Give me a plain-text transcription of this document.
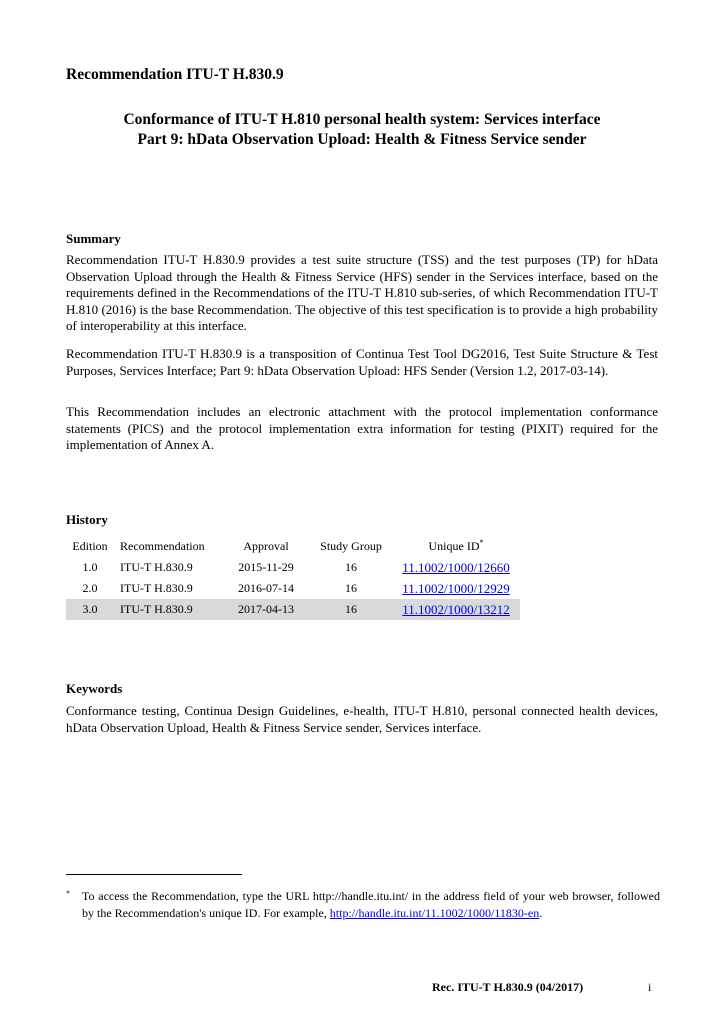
Recommendation ITU-T H.830.9
Conformance of ITU-T H.810 personal health system: Services interface
Part 9: hData Observation Upload: Health & Fitness Service sender
Summary
Recommendation ITU-T H.830.9 provides a test suite structure (TSS) and the test purposes (TP) for hData Observation Upload through the Health & Fitness Service (HFS) sender in the Services interface, based on the requirements defined in the Recommendations of the ITU-T H.810 sub-series, of which Recommendation ITU-T H.810 (2016) is the base Recommendation. The objective of this test specification is to provide a high probability of interoperability at this interface.
Recommendation ITU-T H.830.9 is a transposition of Continua Test Tool DG2016, Test Suite Structure & Test Purposes, Services Interface; Part 9: hData Observation Upload: HFS Sender (Version 1.2, 2017-03-14).
This Recommendation includes an electronic attachment with the protocol implementation conformance statements (PICS) and the protocol implementation extra information for testing (PIXIT) required for the implementation of Annex A.
History
Edition	Recommendation	Approval	Study Group	Unique ID*
1.0	ITU-T H.830.9	2015-11-29	16	11.1002/1000/12660
2.0	ITU-T H.830.9	2016-07-14	16	11.1002/1000/12929
3.0	ITU-T H.830.9	2017-04-13	16	11.1002/1000/13212
Keywords
Conformance testing, Continua Design Guidelines, e-health, ITU-T H.810, personal connected health devices, hData Observation Upload, Health & Fitness Service sender, Services interface.
* To access the Recommendation, type the URL http://handle.itu.int/ in the address field of your web browser, followed by the Recommendation's unique ID. For example, http://handle.itu.int/11.1002/1000/11830-en.
Rec. ITU-T H.830.9 (04/2017)	i
